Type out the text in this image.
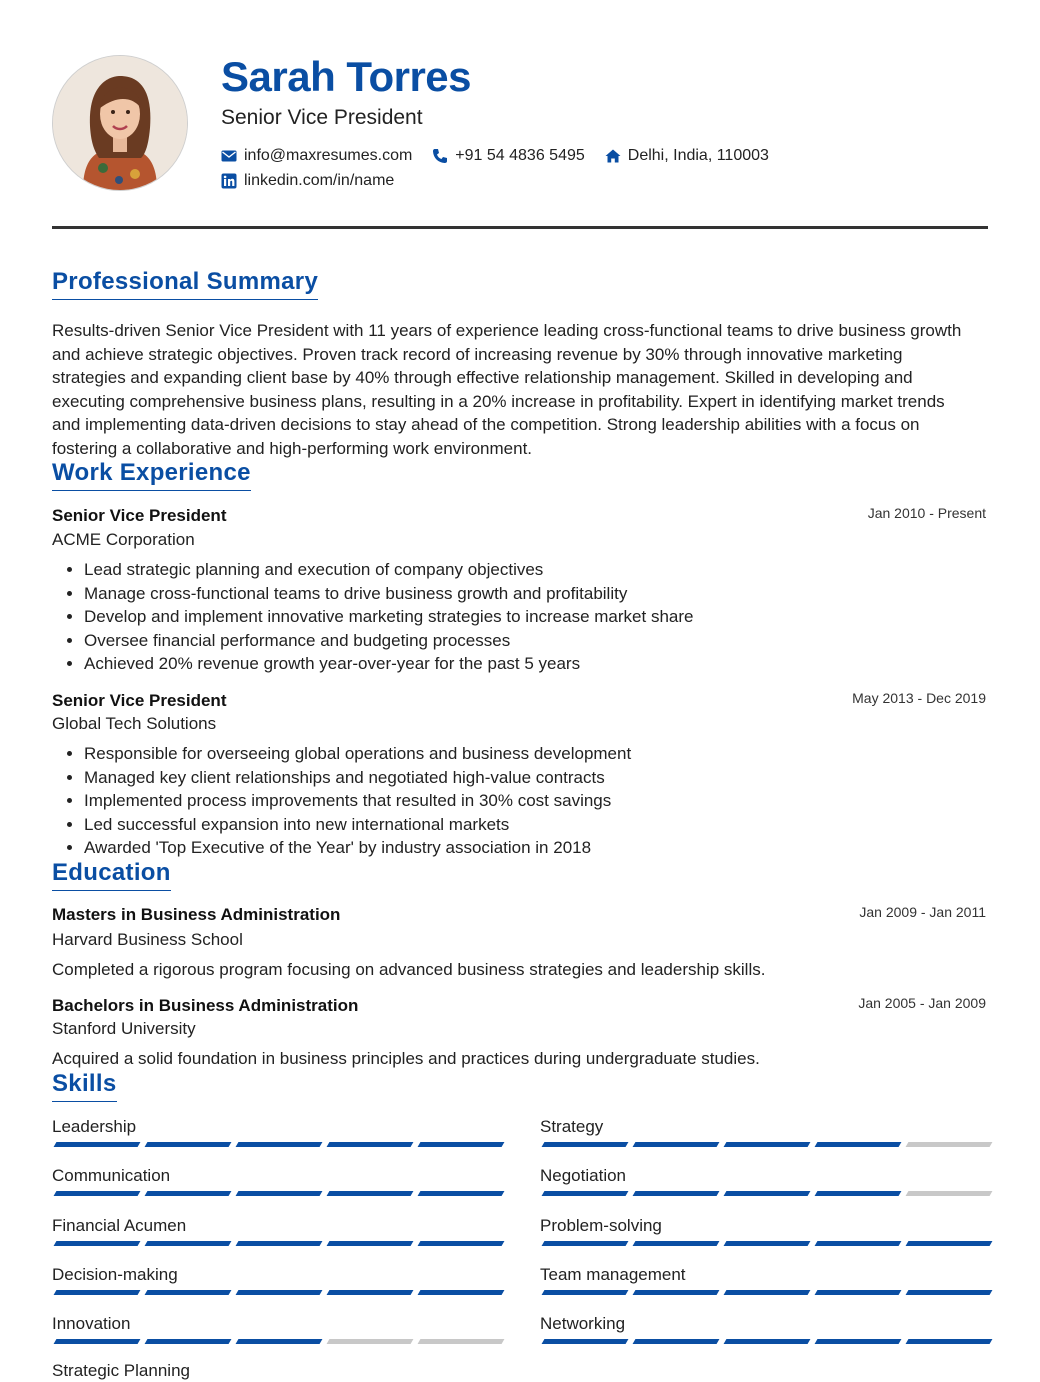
Sarah Torres
Senior Vice President
info@maxresumes.com	+91 54 4836 5495	Delhi, India, 110003
linkedin.com/in/name
Professional Summary

Results-driven Senior Vice President with 11 years of experience leading cross-functional teams to drive business growth and achieve strategic objectives. Proven track record of increasing revenue by 30% through innovative marketing strategies and expanding client base by 40% through effective relationship management. Skilled in developing and executing comprehensive business plans, resulting in a 20% increase in profitability. Expert in identifying market trends and implementing data-driven decisions to stay ahead of the competition. Strong leadership abilities with a focus on fostering a collaborative and high-performing work environment.

Work Experience
Senior Vice President	Jan 2010 - Present
ACME Corporation
• Lead strategic planning and execution of company objectives
• Manage cross-functional teams to drive business growth and profitability
• Develop and implement innovative marketing strategies to increase market share
• Oversee financial performance and budgeting processes
• Achieved 20% revenue growth year-over-year for the past 5 years
Senior Vice President	May 2013 - Dec 2019
Global Tech Solutions
• Responsible for overseeing global operations and business development
• Managed key client relationships and negotiated high-value contracts
• Implemented process improvements that resulted in 30% cost savings
• Led successful expansion into new international markets
• Awarded 'Top Executive of the Year' by industry association in 2018
Education
Masters in Business Administration	Jan 2009 - Jan 2011
Harvard Business School
Completed a rigorous program focusing on advanced business strategies and leadership skills.
Bachelors in Business Administration	Jan 2005 - Jan 2009
Stanford University
Acquired a solid foundation in business principles and practices during undergraduate studies.
Skills
Leadership	Strategy
Communication	Negotiation
Financial Acumen	Problem-solving
Decision-making	Team management
Innovation	Networking
Strategic Planning
